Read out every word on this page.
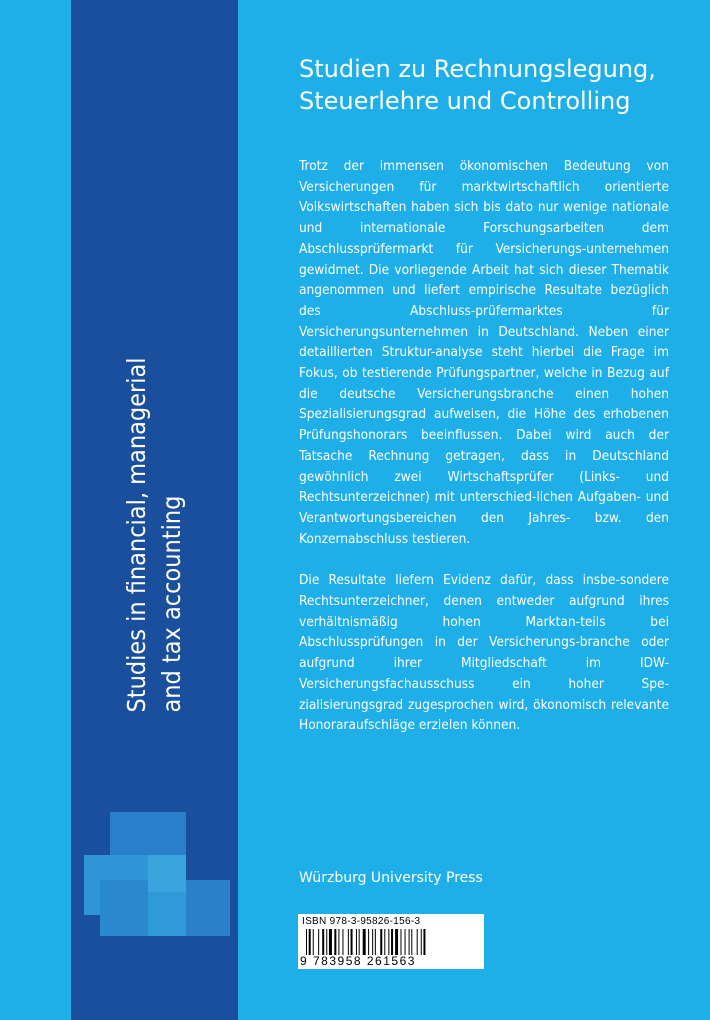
Studies in financial, managerial and tax accounting
Studien zu Rechnungslegung,
Steuerlehre und Controlling

Trotz der immensen ökonomischen Bedeutung von Versicherungen für marktwirtschaftlich orientierte Volkswirtschaften haben sich bis dato nur wenige nationale und internationale Forschungsarbeiten dem Abschlussprüfermarkt für Versicherungs-unternehmen gewidmet. Die vorliegende Arbeit hat sich dieser Thematik angenommen und liefert empirische Resultate bezüglich des Abschluss-prüfermarktes für Versicherungsunternehmen in Deutschland. Neben einer detaillierten Struktur-analyse steht hierbei die Frage im Fokus, ob testierende Prüfungspartner, welche in Bezug auf die deutsche Versicherungsbranche einen hohen Spezialisierungsgrad aufweisen, die Höhe des erhobenen Prüfungshonorars beeinflussen. Dabei wird auch der Tatsache Rechnung getragen, dass in Deutschland gewöhnlich zwei Wirtschaftsprüfer (Links- und Rechtsunterzeichner) mit unterschied-lichen Aufgaben- und Verantwortungsbereichen den Jahres- bzw. den Konzernabschluss testieren.

Die Resultate liefern Evidenz dafür, dass insbe-sondere Rechtsunterzeichner, denen entweder aufgrund ihres verhältnismäßig hohen Marktan-teils bei Abschlussprüfungen in der Versicherungs-branche oder aufgrund ihrer Mitgliedschaft im IDW-Versicherungsfachausschuss ein hoher Spe-zialisierungsgrad zugesprochen wird, ökonomisch relevante Honoraraufschläge erzielen können.

Würzburg University Press
ISBN 978-3-95826-156-3
9 783958 261563
